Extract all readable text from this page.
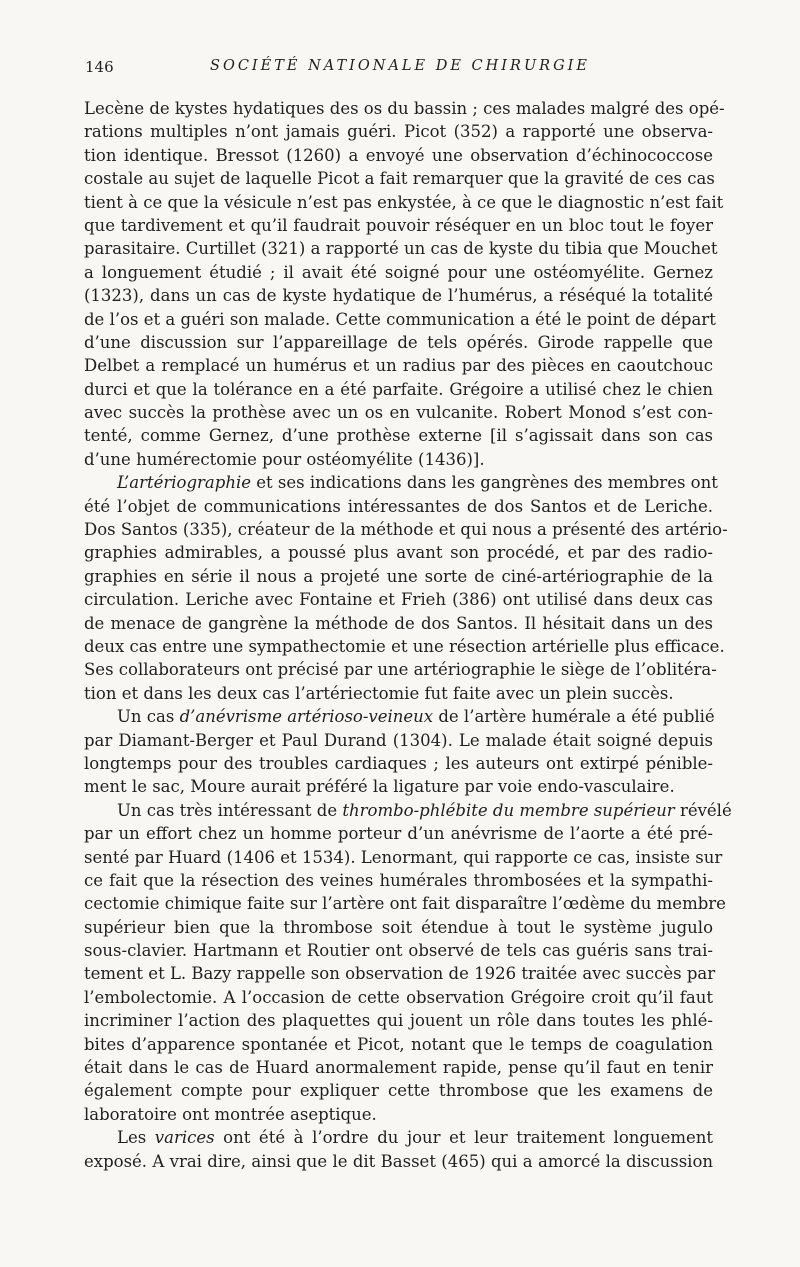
146	SOCIÉTÉ NATIONALE DE CHIRURGIE
Lecène de kystes hydatiques des os du bassin ; ces malades malgré des opé-
rations multiples n’ont jamais guéri. Picot (352) a rapporté une observa-
tion identique. Bressot (1260) a envoyé une observation d’échinococcose
costale au sujet de laquelle Picot a fait remarquer que la gravité de ces cas
tient à ce que la vésicule n’est pas enkystée, à ce que le diagnostic n’est fait
que tardivement et qu’il faudrait pouvoir réséquer en un bloc tout le foyer
parasitaire. Curtillet (321) a rapporté un cas de kyste du tibia que Mouchet
a longuement étudié ; il avait été soigné pour une ostéomyélite. Gernez
(1323), dans un cas de kyste hydatique de l’humérus, a réséqué la totalité
de l’os et a guéri son malade. Cette communication a été le point de départ
d’une discussion sur l’appareillage de tels opérés. Girode rappelle que
Delbet a remplacé un humérus et un radius par des pièces en caoutchouc
durci et que la tolérance en a été parfaite. Grégoire a utilisé chez le chien
avec succès la prothèse avec un os en vulcanite. Robert Monod s’est con-
tenté, comme Gernez, d’une prothèse externe [il s’agissait dans son cas
d’une humérectomie pour ostéomyélite (1436)].
L’artériographie et ses indications dans les gangrènes des membres ont
été l’objet de communications intéressantes de dos Santos et de Leriche.
Dos Santos (335), créateur de la méthode et qui nous a présenté des artério-
graphies admirables, a poussé plus avant son procédé, et par des radio-
graphies en série il nous a projeté une sorte de ciné-artériographie de la
circulation. Leriche avec Fontaine et Frieh (386) ont utilisé dans deux cas
de menace de gangrène la méthode de dos Santos. Il hésitait dans un des
deux cas entre une sympathectomie et une résection artérielle plus efficace.
Ses collaborateurs ont précisé par une artériographie le siège de l’oblitéra-
tion et dans les deux cas l’artériectomie fut faite avec un plein succès.
Un cas d’anévrisme artérioso-veineux de l’artère humérale a été publié
par Diamant-Berger et Paul Durand (1304). Le malade était soigné depuis
longtemps pour des troubles cardiaques ; les auteurs ont extirpé pénible-
ment le sac, Moure aurait préféré la ligature par voie endo-vasculaire.
Un cas très intéressant de thrombo-phlébite du membre supérieur révélé
par un effort chez un homme porteur d’un anévrisme de l’aorte a été pré-
senté par Huard (1406 et 1534). Lenormant, qui rapporte ce cas, insiste sur
ce fait que la résection des veines humérales thrombosées et la sympathi-
cectomie chimique faite sur l’artère ont fait disparaître l’œdème du membre
supérieur bien que la thrombose soit étendue à tout le système jugulo
sous-clavier. Hartmann et Routier ont observé de tels cas guéris sans trai-
tement et L. Bazy rappelle son observation de 1926 traitée avec succès par
l’embolectomie. A l’occasion de cette observation Grégoire croit qu’il faut
incriminer l’action des plaquettes qui jouent un rôle dans toutes les phlé-
bites d’apparence spontanée et Picot, notant que le temps de coagulation
était dans le cas de Huard anormalement rapide, pense qu’il faut en tenir
également compte pour expliquer cette thrombose que les examens de
laboratoire ont montrée aseptique.
Les varices ont été à l’ordre du jour et leur traitement longuement
exposé. A vrai dire, ainsi que le dit Basset (465) qui a amorcé la discussion
